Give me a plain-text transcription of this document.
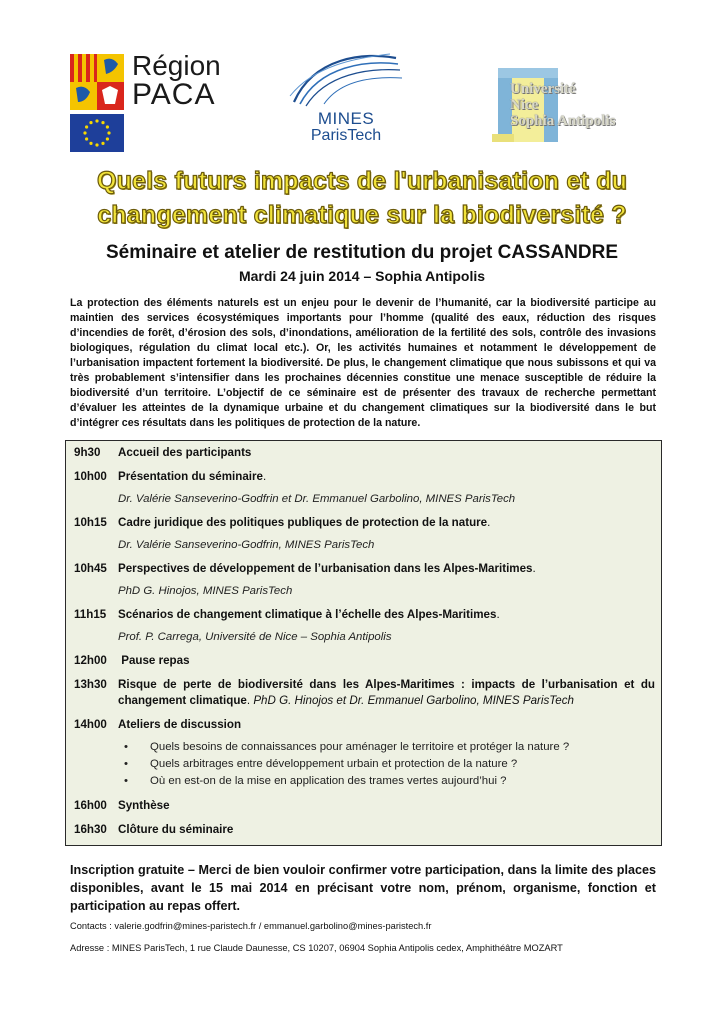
Région
PACA
MINES
ParisTech
Université
Nice
Sophia Antipolis
Quels futurs impacts de l'urbanisation et du
changement climatique sur la biodiversité ?
Séminaire et atelier de restitution du projet CASSANDRE
Mardi 24 juin 2014 – Sophia Antipolis
La protection des éléments naturels est un enjeu pour le devenir de l’humanité, car la biodiversité participe au maintien des services écosystémiques importants pour l’homme (qualité des eaux, réduction des risques d’incendies de forêt, d’érosion des sols, d’inondations, amélioration de la fertilité des sols, contrôle des invasions biologiques, régulation du climat local etc.). Or, les activités humaines et notamment le développement de l’urbanisation impactent fortement la biodiversité. De plus, le changement climatique que nous subissons et qui va très probablement s’intensifier dans les prochaines décennies constitue une menace susceptible de réduire la biodiversité d’un territoire. L’objectif de ce séminaire est de présenter des travaux de recherche permettant d’évaluer les atteintes de la dynamique urbaine et du changement climatiques sur la biodiversité dans le but d’intégrer ces résultats dans les politiques de protection de la nature.
9h30	Accueil des participants
10h00 Présentation du séminaire.
Dr. Valérie Sanseverino-Godfrin et Dr. Emmanuel Garbolino, MINES ParisTech
10h15 Cadre juridique des politiques publiques de protection de la nature.
Dr. Valérie Sanseverino-Godfrin, MINES ParisTech
10h45 Perspectives de développement de l’urbanisation dans les Alpes-Maritimes.
PhD G. Hinojos, MINES ParisTech
11h15	Scénarios de changement climatique à l’échelle des Alpes-Maritimes.
Prof. P. Carrega, Université de Nice – Sophia Antipolis
12h00 Pause repas
13h30 Risque de perte de biodiversité dans les Alpes-Maritimes : impacts de l’urbanisation et du changement climatique. PhD G. Hinojos et Dr. Emmanuel Garbolino, MINES ParisTech
14h00 Ateliers de discussion
• Quels besoins de connaissances pour aménager le territoire et protéger la nature ?
• Quels arbitrages entre développement urbain et protection de la nature ?
• Où en est-on de la mise en application des trames vertes aujourd’hui ?
16h00 Synthèse
16h30 Clôture du séminaire
Inscription gratuite – Merci de bien vouloir confirmer votre participation, dans la limite des places disponibles, avant le 15 mai 2014 en précisant votre nom, prénom, organisme, fonction et participation au repas offert.
Contacts : valerie.godfrin@mines-paristech.fr / emmanuel.garbolino@mines-paristech.fr
Adresse : MINES ParisTech, 1 rue Claude Daunesse, CS 10207, 06904 Sophia Antipolis cedex, Amphithéâtre MOZART
